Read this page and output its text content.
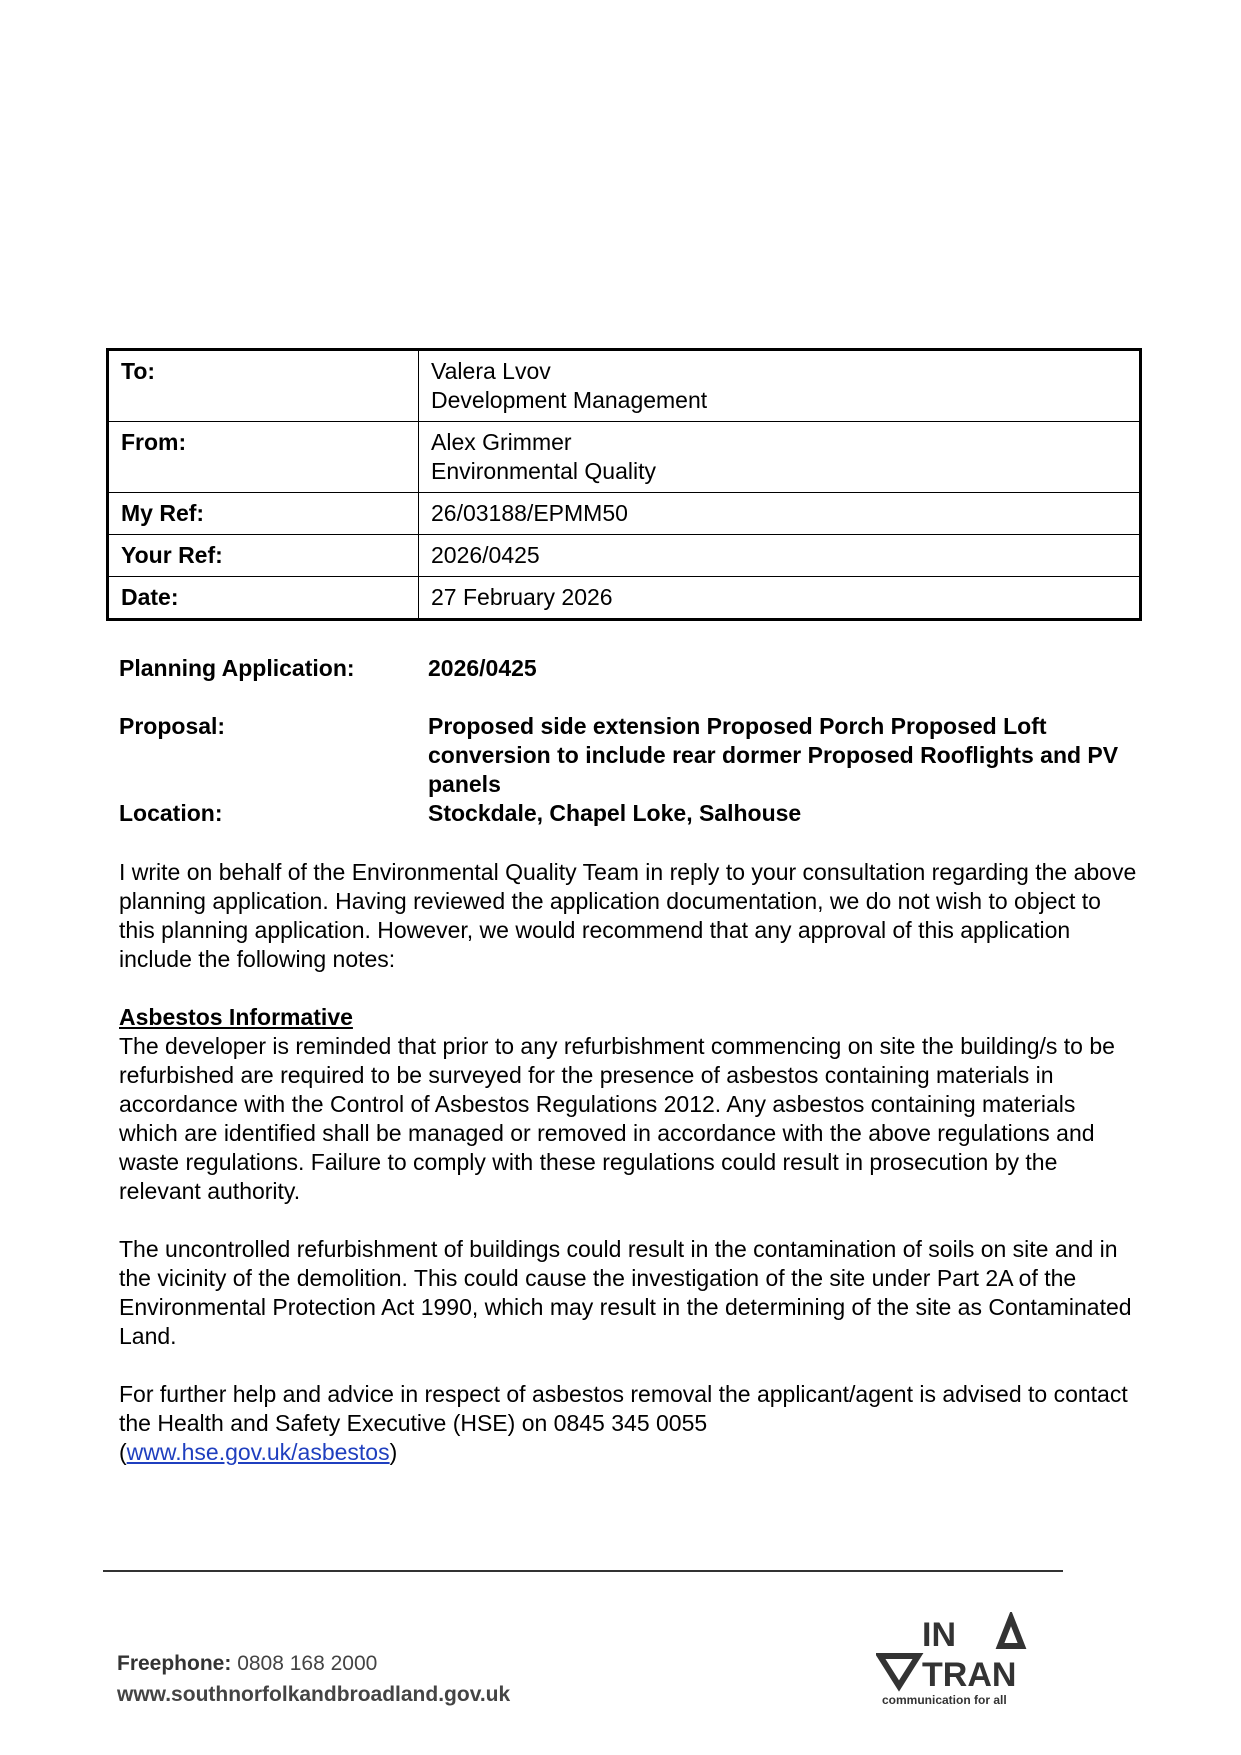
To:	Valera Lvov
Development Management

From:	Alex Grimmer
Environmental Quality

My Ref:	26/03188/EPMM50

Your Ref:	2026/0425

Date:	27 February 2026
Planning Application:	2026/0425
Proposal:	Proposed side extension Proposed Porch Proposed Loft conversion to include rear dormer Proposed Rooflights and PV panels
Location:	Stockdale, Chapel Loke, Salhouse

I write on behalf of the Environmental Quality Team in reply to your consultation regarding the above planning application. Having reviewed the application documentation, we do not wish to object to this planning application. However, we would recommend that any approval of this application include the following notes:

Asbestos Informative

The developer is reminded that prior to any refurbishment commencing on site the building/s to be refurbished are required to be surveyed for the presence of asbestos containing materials in accordance with the Control of Asbestos Regulations 2012. Any asbestos containing materials which are identified shall be managed or removed in accordance with the above regulations and waste regulations. Failure to comply with these regulations could result in prosecution by the relevant authority.

The uncontrolled refurbishment of buildings could result in the contamination of soils on site and in the vicinity of the demolition. This could cause the investigation of the site under Part 2A of the Environmental Protection Act 1990, which may result in the determining of the site as Contaminated Land.

For further help and advice in respect of asbestos removal the applicant/agent is advised to contact the Health and Safety Executive (HSE) on 0845 345 0055
(www.hse.gov.uk/asbestos)

Freephone: 0808 168 2000
www.southnorfolkandbroadland.gov.uk
IN
TRAN
communication for all
